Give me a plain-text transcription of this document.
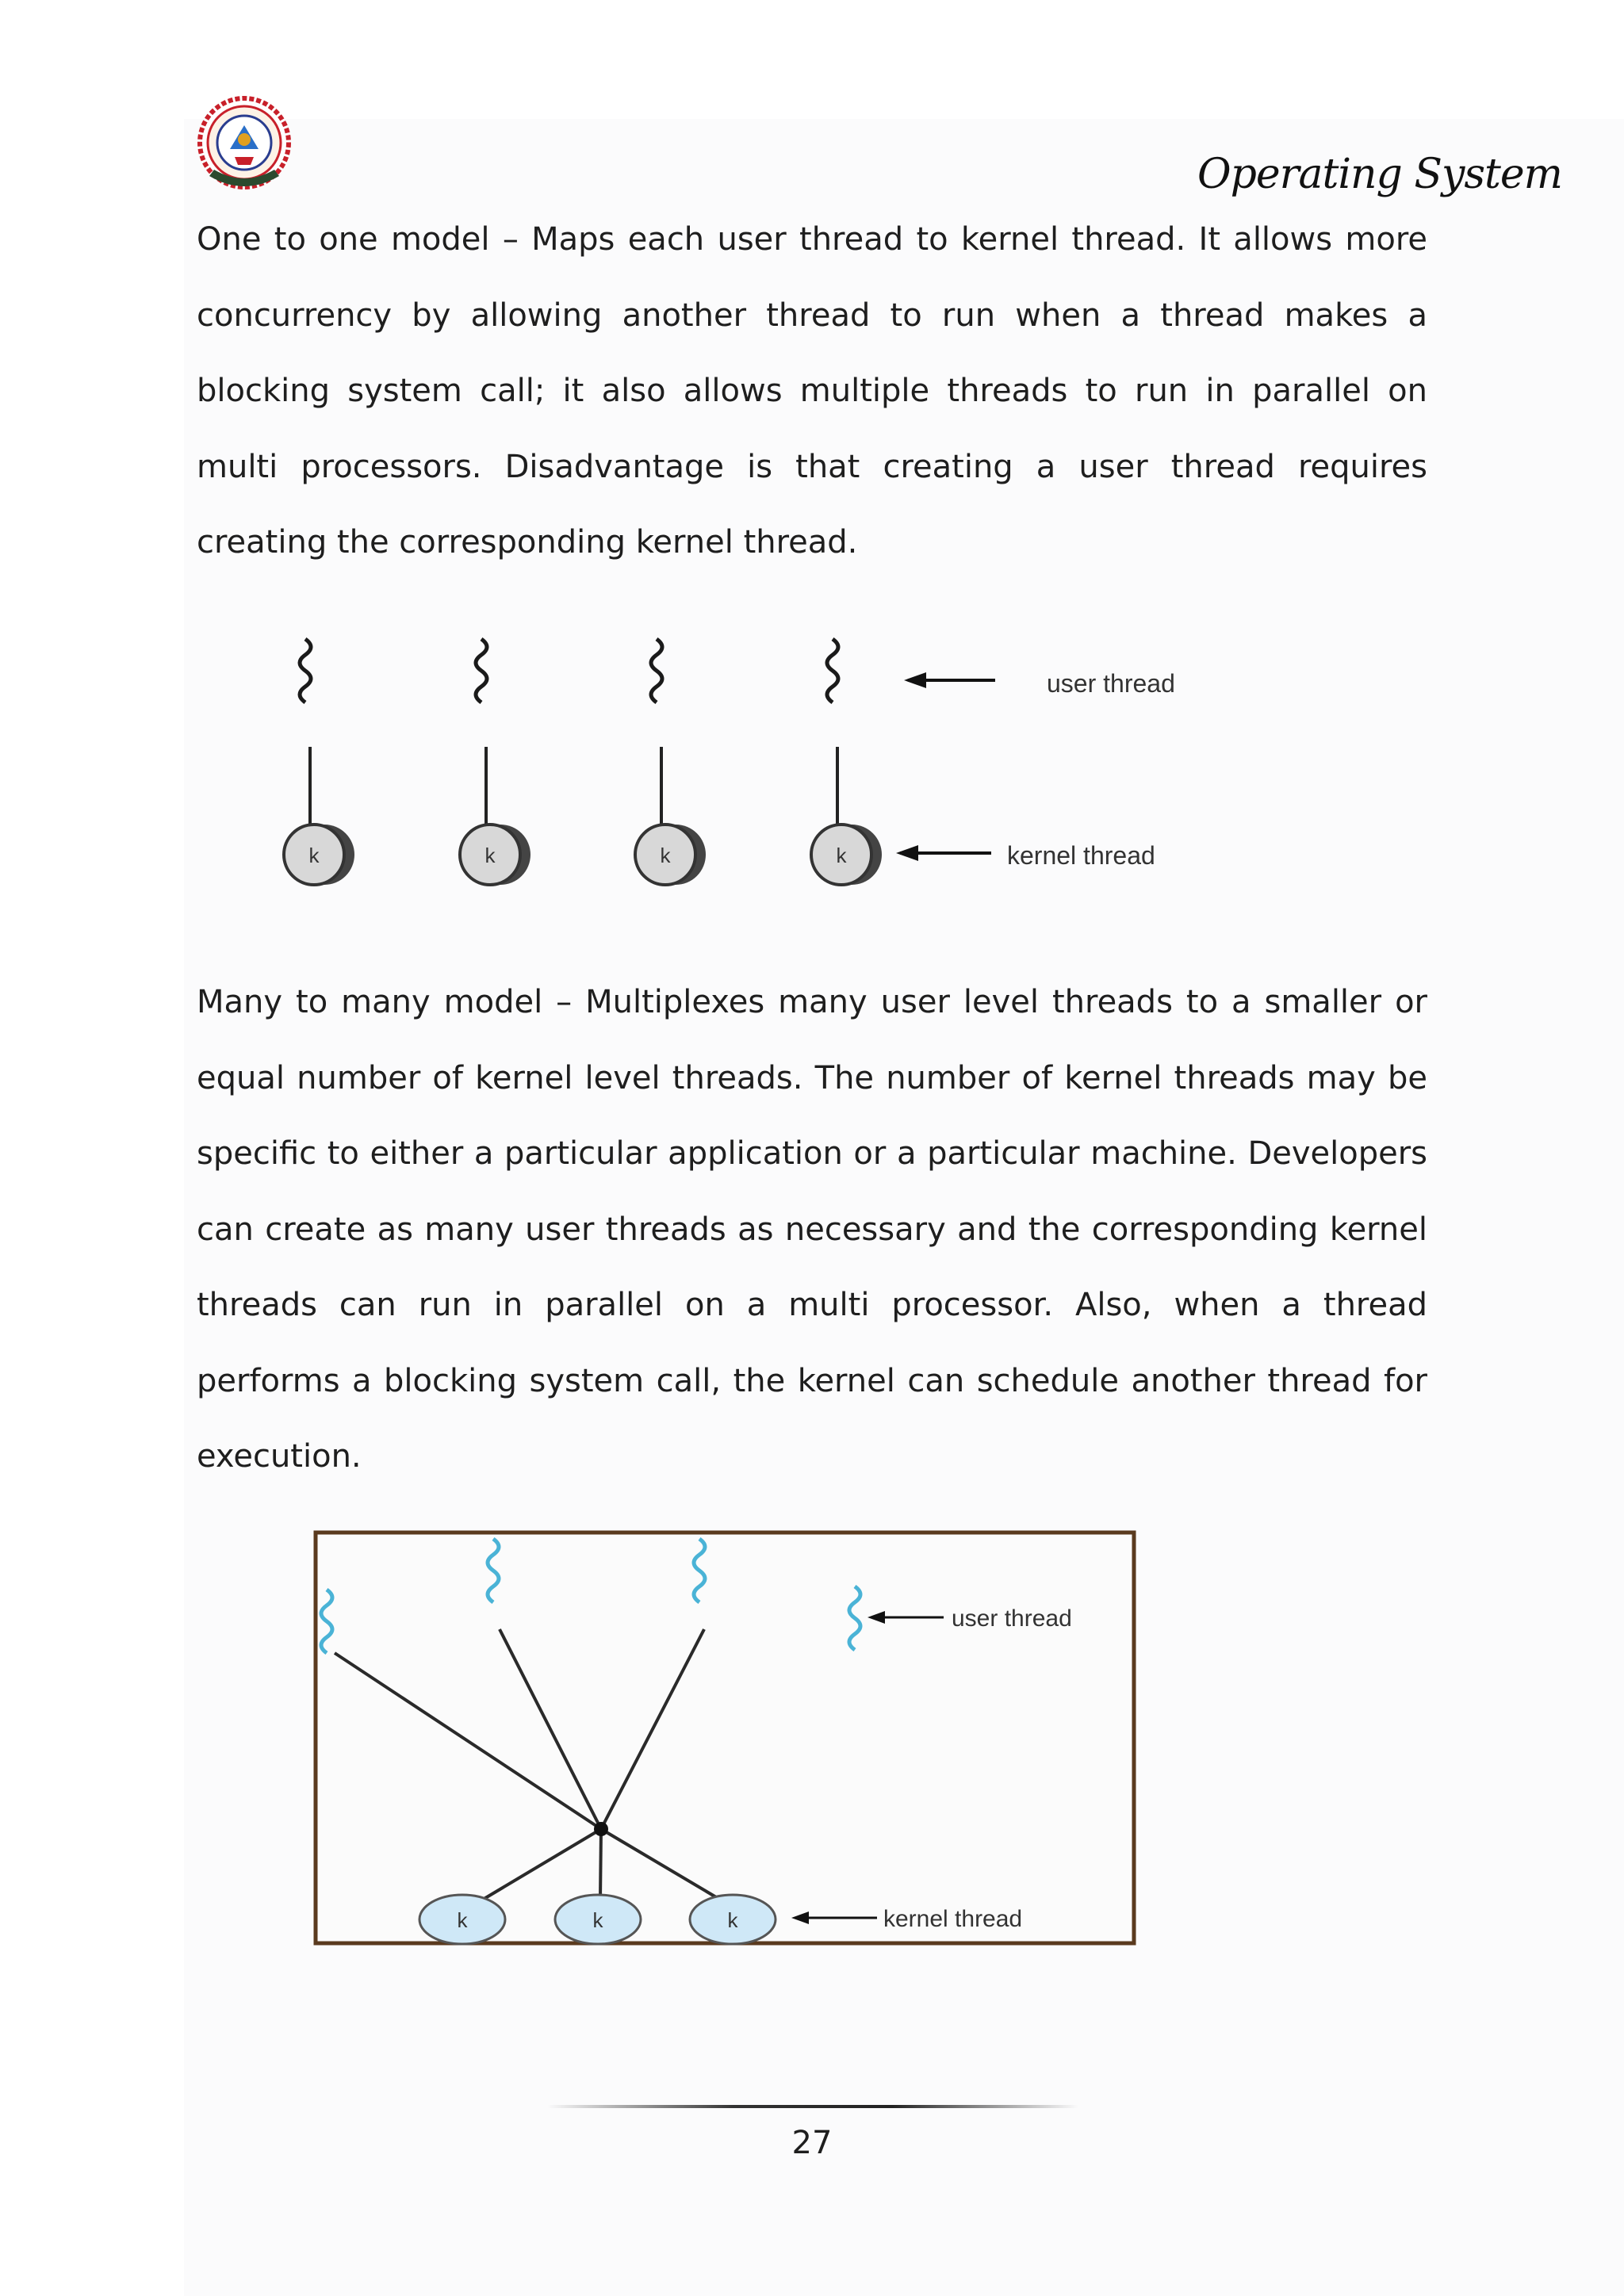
Operating System

One to one model – Maps each user thread to kernel thread. It allows more concurrency by allowing another thread to run when a thread makes a blocking system call; it also allows multiple threads to run in parallel on multi processors. Disadvantage is that creating a user thread requires creating the corresponding kernel thread.

k	k	k	k
user thread
kernel thread

Many to many model – Multiplexes many user level threads to a smaller or equal number of kernel level threads. The number of kernel threads may be specific to either a particular application or a particular machine. Developers can create as many user threads as necessary and the corresponding kernel threads can run in parallel on a multi processor. Also, when a thread performs a blocking system call, the kernel can schedule another thread for execution.

k	k	k
user thread
kernel thread
27
